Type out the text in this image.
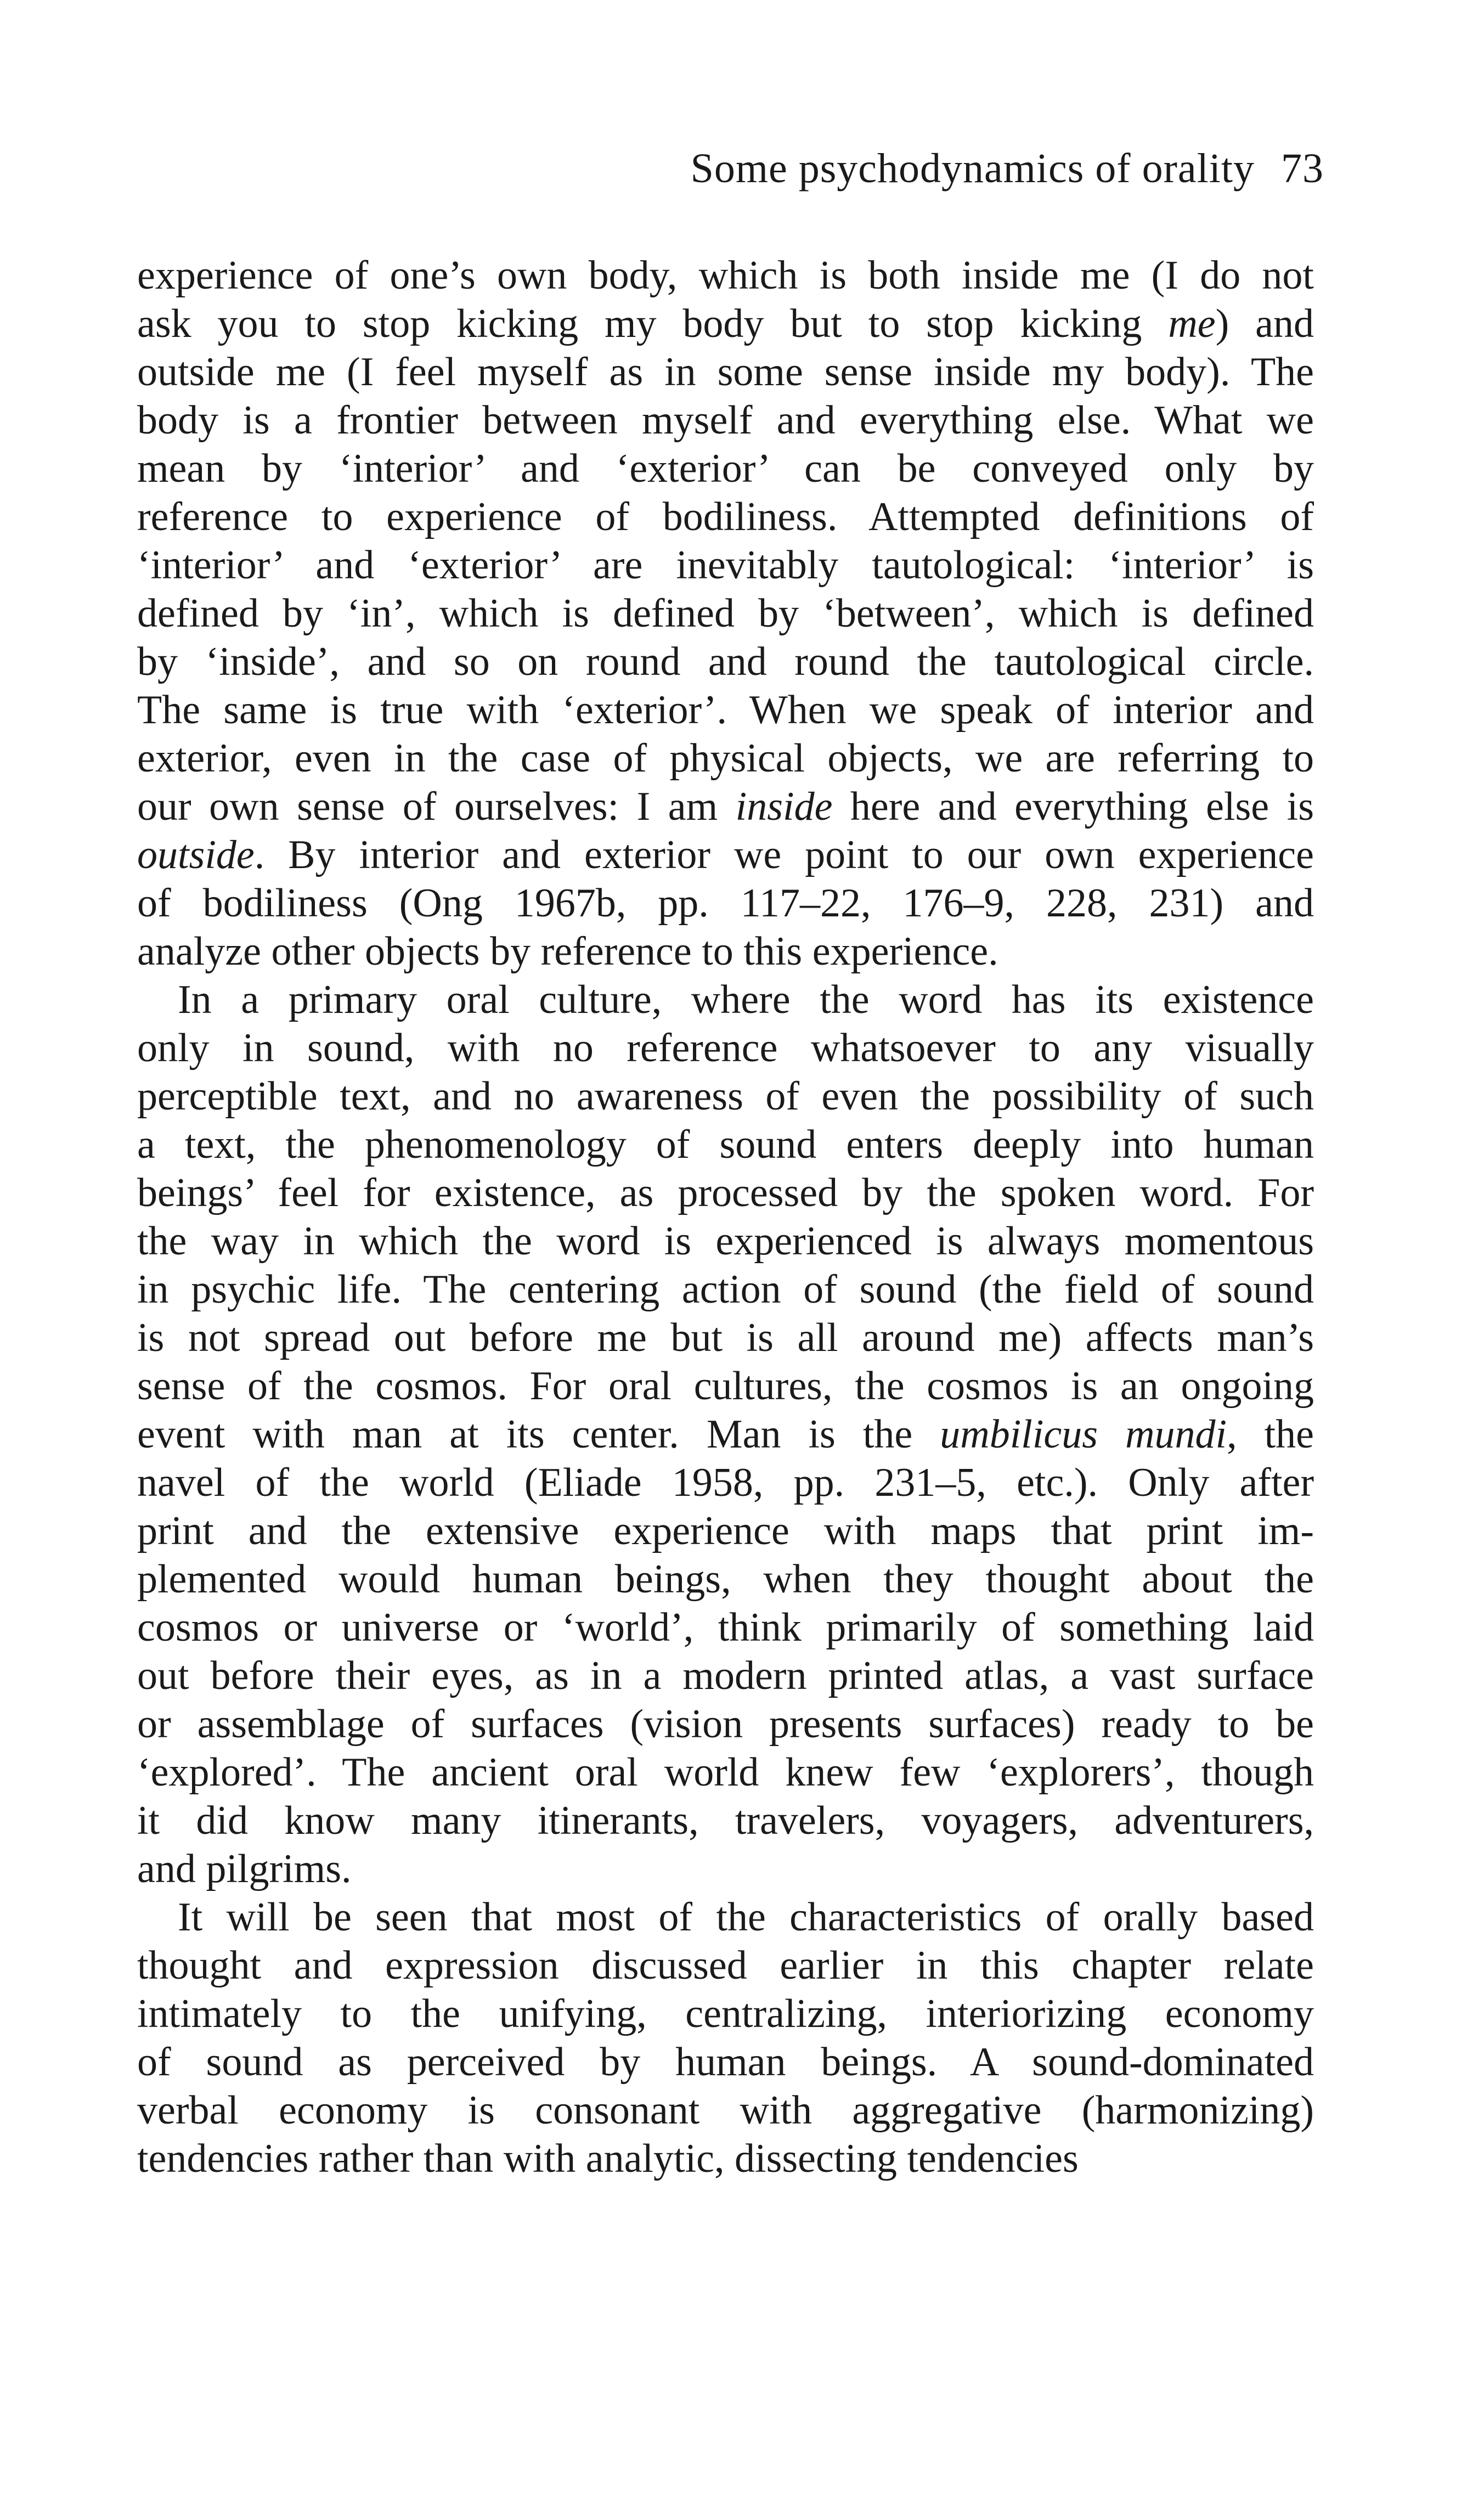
Some psychodynamics of orality 73
experience of one’s own body, which is both inside me (I do not
ask you to stop kicking my body but to stop kicking me) and
outside me (I feel myself as in some sense inside my body). The
body is a frontier between myself and everything else. What we
mean by ‘interior’ and ‘exterior’ can be conveyed only by
reference to experience of bodiliness. Attempted definitions of
‘interior’ and ‘exterior’ are inevitably tautological: ‘interior’ is
defined by ‘in’, which is defined by ‘between’, which is defined
by ‘inside’, and so on round and round the tautological circle.
The same is true with ‘exterior’. When we speak of interior and
exterior, even in the case of physical objects, we are referring to
our own sense of ourselves: I am inside here and everything else is
outside. By interior and exterior we point to our own experience
of bodiliness (Ong 1967b, pp. 117–22, 176–9, 228, 231) and
analyze other objects by reference to this experience.
In a primary oral culture, where the word has its existence
only in sound, with no reference whatsoever to any visually
perceptible text, and no awareness of even the possibility of such
a text, the phenomenology of sound enters deeply into human
beings’ feel for existence, as processed by the spoken word. For
the way in which the word is experienced is always momentous
in psychic life. The centering action of sound (the field of sound
is not spread out before me but is all around me) affects man’s
sense of the cosmos. For oral cultures, the cosmos is an ongoing
event with man at its center. Man is the umbilicus mundi, the
navel of the world (Eliade 1958, pp. 231–5, etc.). Only after
print and the extensive experience with maps that print im-
plemented would human beings, when they thought about the
cosmos or universe or ‘world’, think primarily of something laid
out before their eyes, as in a modern printed atlas, a vast surface
or assemblage of surfaces (vision presents surfaces) ready to be
‘explored’. The ancient oral world knew few ‘explorers’, though
it did know many itinerants, travelers, voyagers, adventurers,
and pilgrims.
It will be seen that most of the characteristics of orally based
thought and expression discussed earlier in this chapter relate
intimately to the unifying, centralizing, interiorizing economy
of sound as perceived by human beings. A sound-dominated
verbal economy is consonant with aggregative (harmonizing)
tendencies rather than with analytic, dissecting tendencies
